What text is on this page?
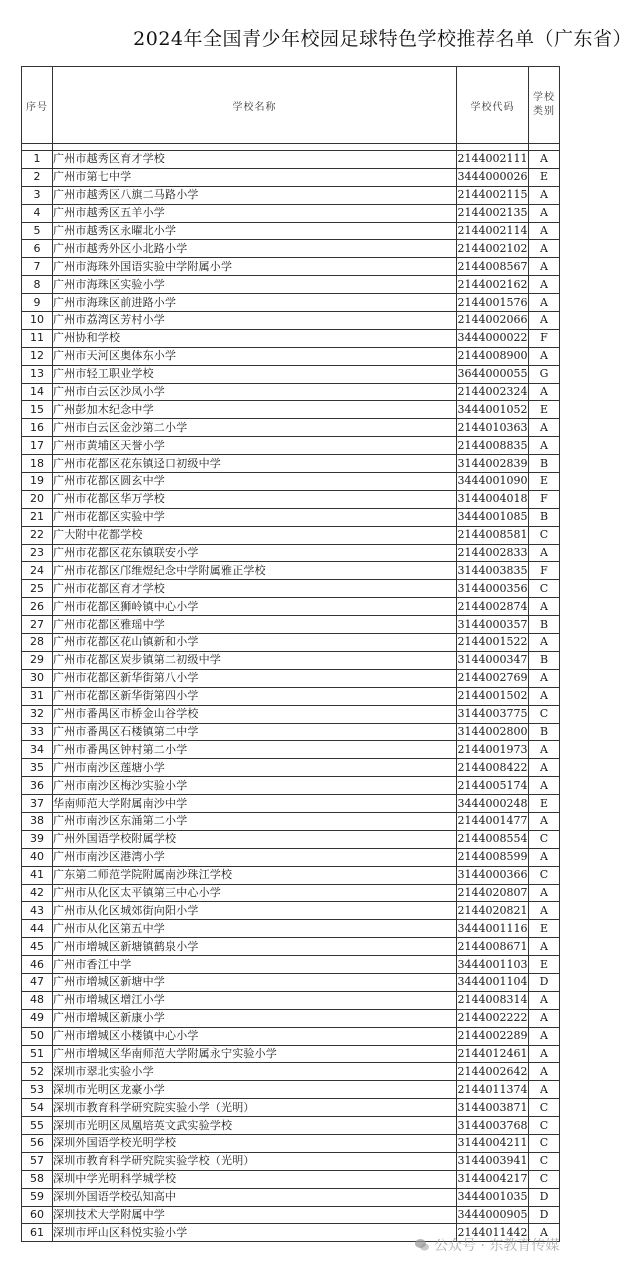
2024年全国青少年校园足球特色学校推荐名单（广东省）
序号	学校名称	学校代码	学校
类别

1	广州市越秀区育才学校	2144002111	A
2	广州市第七中学	3444000026	E
3	广州市越秀区八旗二马路小学	2144002115	A
4	广州市越秀区五羊小学	2144002135	A
5	广州市越秀区永曜北小学	2144002114	A
6	广州市越秀外区小北路小学	2144002102	A
7	广州市海珠外国语实验中学附属小学	2144008567	A
8	广州市海珠区实验小学	2144002162	A
9	广州市海珠区前进路小学	2144001576	A
10	广州市荔湾区芳村小学	2144002066	A
11	广州协和学校	3444000022	F
12	广州市天河区奥体东小学	2144008900	A
13	广州市轻工职业学校	3644000055	G
14	广州市白云区沙凤小学	2144002324	A
15	广州彭加木纪念中学	3444001052	E
16	广州市白云区金沙第二小学	2144010363	A
17	广州市黄埔区天誉小学	2144008835	A
18	广州市花都区花东镇迳口初级中学	3144002839	B
19	广州市花都区圆玄中学	3444001090	E
20	广州市花都区华万学校	3144004018	F
21	广州市花都区实验中学	3444001085	B
22	广大附中花都学校	2144008581	C
23	广州市花都区花东镇联安小学	2144002833	A
24	广州市花都区邝维煜纪念中学附属雅正学校	3144003835	F
25	广州市花都区育才学校	3144000356	C
26	广州市花都区狮岭镇中心小学	2144002874	A
27	广州市花都区雅瑶中学	3144000357	B
28	广州市花都区花山镇新和小学	2144001522	A
29	广州市花都区炭步镇第二初级中学	3144000347	B
30	广州市花都区新华街第八小学	2144002769	A
31	广州市花都区新华街第四小学	2144001502	A
32	广州市番禺区市桥金山谷学校	3144003775	C
33	广州市番禺区石楼镇第二中学	3144002800	B
34	广州市番禺区钟村第二小学	2144001973	A
35	广州市南沙区莲塘小学	2144008422	A
36	广州市南沙区梅沙实验小学	2144005174	A
37	华南师范大学附属南沙中学	3444000248	E
38	广州市南沙区东涌第二小学	2144001477	A
39	广州外国语学校附属学校	2144008554	C
40	广州市南沙区港湾小学	2144008599	A
41	广东第二师范学院附属南沙珠江学校	3144000366	C
42	广州市从化区太平镇第三中心小学	2144020807	A
43	广州市从化区城郊街向阳小学	2144020821	A
44	广州市从化区第五中学	3444001116	E
45	广州市增城区新塘镇鹤泉小学	2144008671	A
46	广州市香江中学	3444001103	E
47	广州市增城区新塘中学	3444001104	D
48	广州市增城区增江小学	2144008314	A
49	广州市增城区新康小学	2144002222	A
50	广州市增城区小楼镇中心小学	2144002289	A
51	广州市增城区华南师范大学附属永宁实验小学	2144012461	A
52	深圳市翠北实验小学	2144002642	A
53	深圳市光明区龙豪小学	2144011374	A
54	深圳市教育科学研究院实验小学（光明）	3144003871	C
55	深圳市光明区凤凰培英文武实验学校	3144003768	C
56	深圳外国语学校光明学校	3144004211	C
57	深圳市教育科学研究院实验学校（光明）	3144003941	C
58	深圳中学光明科学城学校	3144004217	C
59	深圳外国语学校弘知高中	3444001035	D
60	深圳技术大学附属中学	3444000905	D
61	深圳市坪山区科悦实验小学	2144011442	A
公众号 · 东教育传媒
